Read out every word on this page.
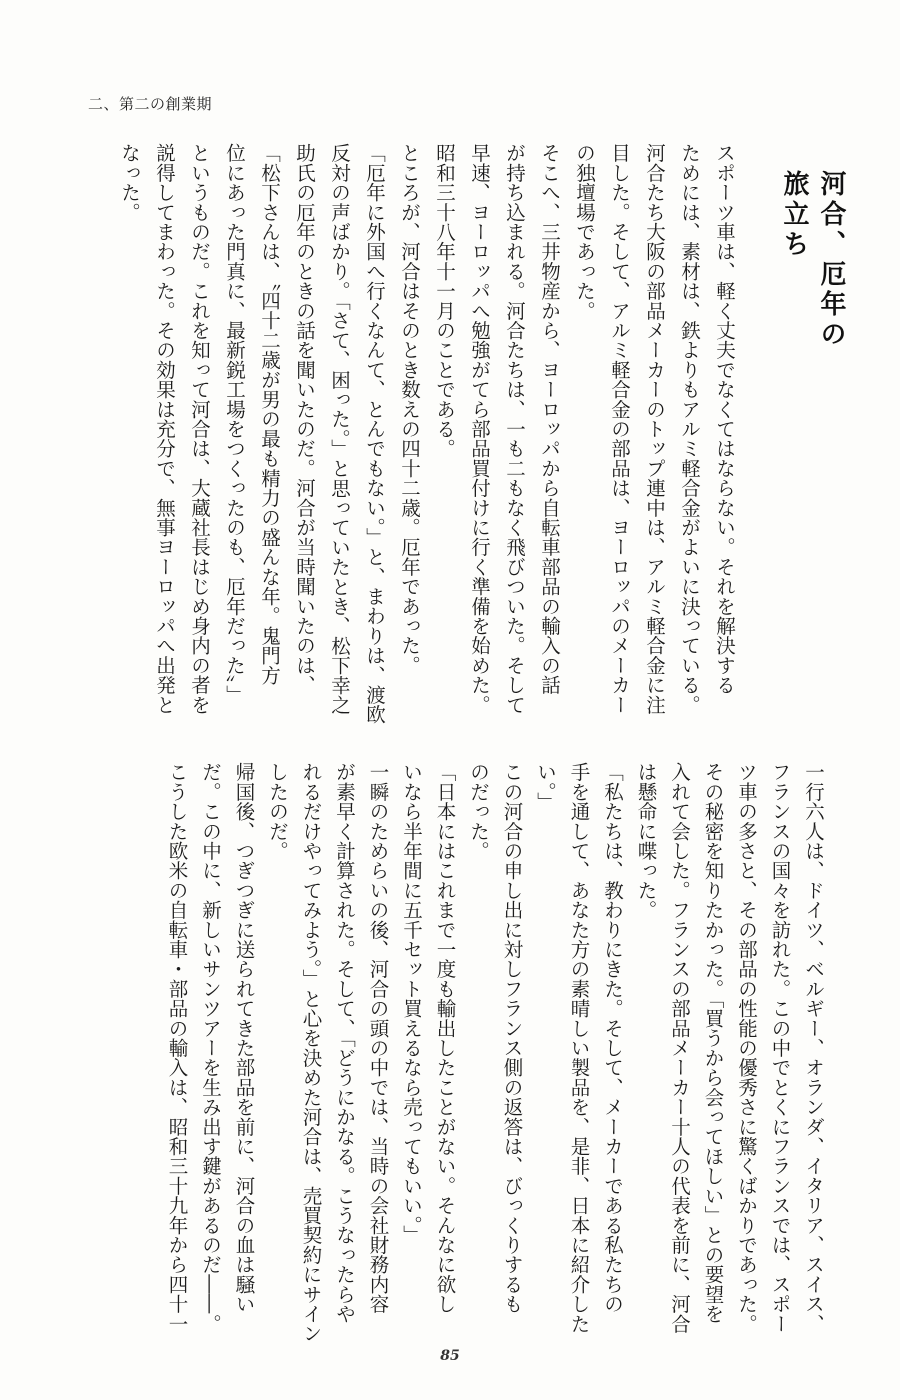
二、第二の創業期
河合、厄年の旅立ち

スポーツ車は、軽く丈夫でなくてはならない。それを解決する

ためには、素材は、鉄よりもアルミ軽合金がよいに決っている。

河合たち大阪の部品メーカーのトップ連中は、アルミ軽合金に注

目した。そして、アルミ軽合金の部品は、ヨーロッパのメーカー

の独壇場であった。

そこへ、三井物産から、ヨーロッパから自転車部品の輸入の話

が持ち込まれる。河合たちは、一も二もなく飛びついた。そして

早速、ヨーロッパへ勉強がてら部品買付けに行く準備を始めた。

昭和三十八年十一月のことである。

ところが、河合はそのとき数えの四十二歳。厄年であった。

「厄年に外国へ行くなんて、とんでもない。」と、まわりは、渡欧

反対の声ばかり。「さて、困った。」と思っていたとき、松下幸之

助氏の厄年のときの話を聞いたのだ。河合が当時聞いたのは、

「松下さんは、〝四十二歳が男の最も精力の盛んな年。鬼門方

位にあった門真に、最新鋭工場をつくったのも、厄年だった〟」

というものだ。これを知って河合は、大蔵社長はじめ身内の者を

説得してまわった。その効果は充分で、無事ヨーロッパへ出発と

なった。

一行六人は、ドイツ、ベルギー、オランダ、イタリア、スイス、

フランスの国々を訪れた。この中でとくにフランスでは、スポー

ツ車の多さと、その部品の性能の優秀さに驚くばかりであった。

その秘密を知りたかった。「買うから会ってほしい」との要望を

入れて会した。フランスの部品メーカー十人の代表を前に、河合

は懸命に喋った。

「私たちは、教わりにきた。そして、メーカーである私たちの

手を通して、あなた方の素晴しい製品を、是非、日本に紹介した

い。」

この河合の申し出に対しフランス側の返答は、びっくりするも

のだった。

「日本にはこれまで一度も輸出したことがない。そんなに欲し

いなら半年間に五千セット買えるなら売ってもいい。」

一瞬のためらいの後、河合の頭の中では、当時の会社財務内容

が素早く計算された。そして、「どうにかなる。こうなったらや

れるだけやってみよう。」と心を決めた河合は、売買契約にサイン

したのだ。

帰国後、つぎつぎに送られてきた部品を前に、河合の血は騒い

だ。この中に、新しいサンツアーを生み出す鍵があるのだ――。

こうした欧米の自転車・部品の輸入は、昭和三十九年から四十一

85
